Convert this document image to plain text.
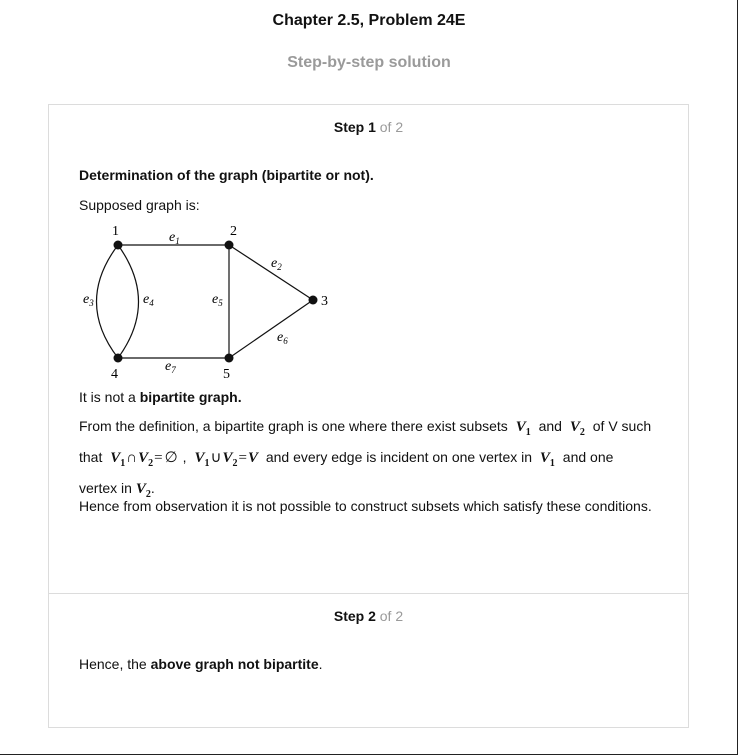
Chapter 2.5, Problem 24E
Step-by-step solution
Step 1 of 2
Determination of the graph (bipartite or not).
Supposed graph is:
1	2
3
4	5
$e_1$
$e_2$
$e_3$	$e_4$	$e_5$
$e_6$
$e_7$
It is not a bipartite graph.
From the definition, a bipartite graph is one where there exist subsets $V_1$ and $V_2$ of V such
that $V_1\cap V_2=$ ∅ , $V_1\cup V_2=V$ and every edge is incident on one vertex in $V_1$ and one
vertex in $V_2$.
Hence from observation it is not possible to construct subsets which satisfy these conditions.
Step 2 of 2
Hence, the above graph not bipartite.
